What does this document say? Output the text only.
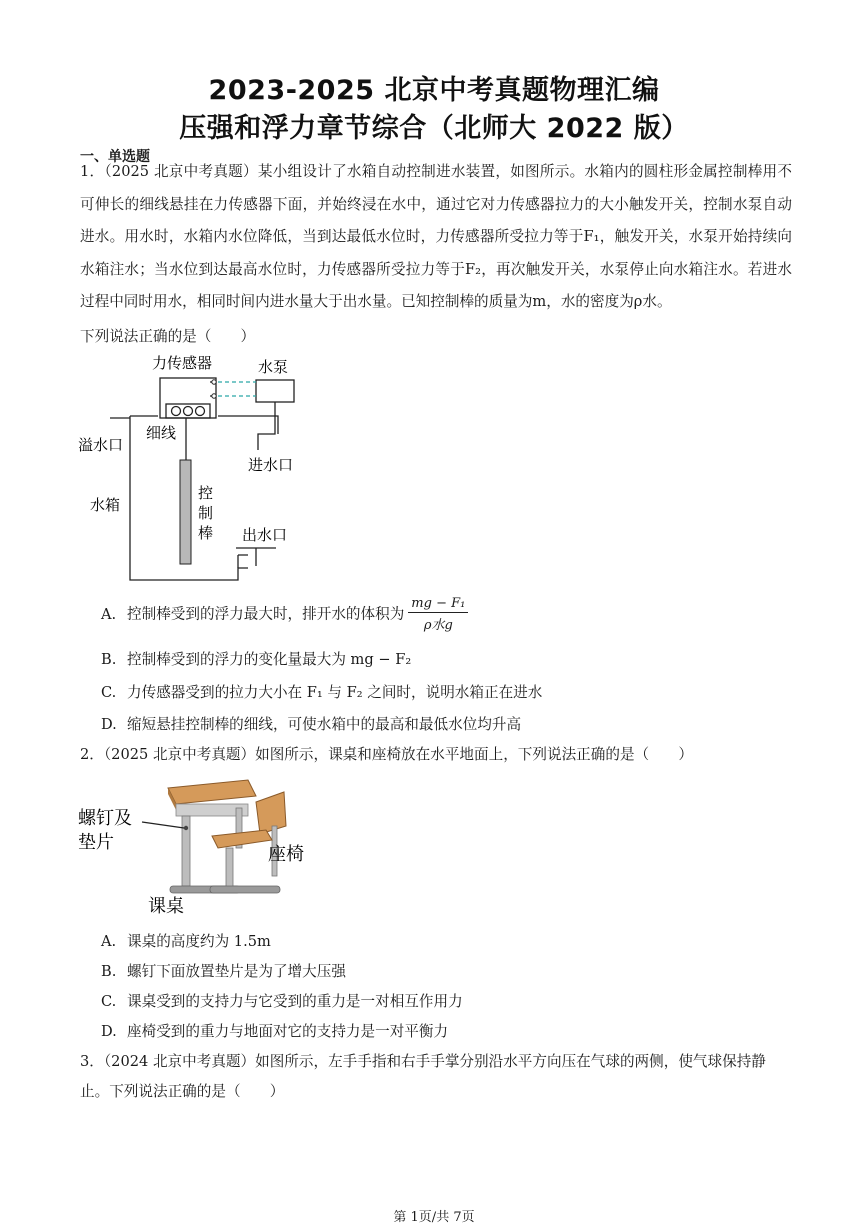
2023-2025 北京中考真题物理汇编
压强和浮力章节综合（北师大 2022 版）
一、单选题
1．（2025 北京中考真题）某小组设计了水箱自动控制进水装置，如图所示。水箱内的圆柱形金属控制棒用不可伸长的细线悬挂在力传感器下面，并始终浸在水中，通过它对力传感器拉力的大小触发开关，控制水泵自动进水。用水时，水箱内水位降低，当到达最低水位时，力传感器所受拉力等于F₁，触发开关，水泵开始持续向水箱注水；当水位到达最高水位时，力传感器所受拉力等于F₂，再次触发开关，水泵停止向水箱注水。若进水过程中同时用水，相同时间内进水量大于出水量。已知控制棒的质量为m，水的密度为ρ水。
下列说法正确的是（　　）
力传感器	水泵
细线
溢水口
进水口
水箱
控
制
棒 出水口
A. 控制棒受到的浮力最大时，排开水的体积为 $\frac{\text{mg − F₁}}{\text{ρ水g}}$
B. 控制棒受到的浮力的变化量最大为 mg − F₂
C. 力传感器受到的拉力大小在 F₁ 与 F₂ 之间时，说明水箱正在进水
D. 缩短悬挂控制棒的细线，可使水箱中的最高和最低水位均升高
2．（2025 北京中考真题）如图所示，课桌和座椅放在水平地面上，下列说法正确的是（　　）
螺钉及
垫片
座椅
课桌
A. 课桌的高度约为 1.5m
B. 螺钉下面放置垫片是为了增大压强
C. 课桌受到的支持力与它受到的重力是一对相互作用力
D. 座椅受到的重力与地面对它的支持力是一对平衡力
3．（2024 北京中考真题）如图所示，左手手指和右手手掌分别沿水平方向压在气球的两侧，使气球保持静
止。下列说法正确的是（　　）
第 1页/共 7页
